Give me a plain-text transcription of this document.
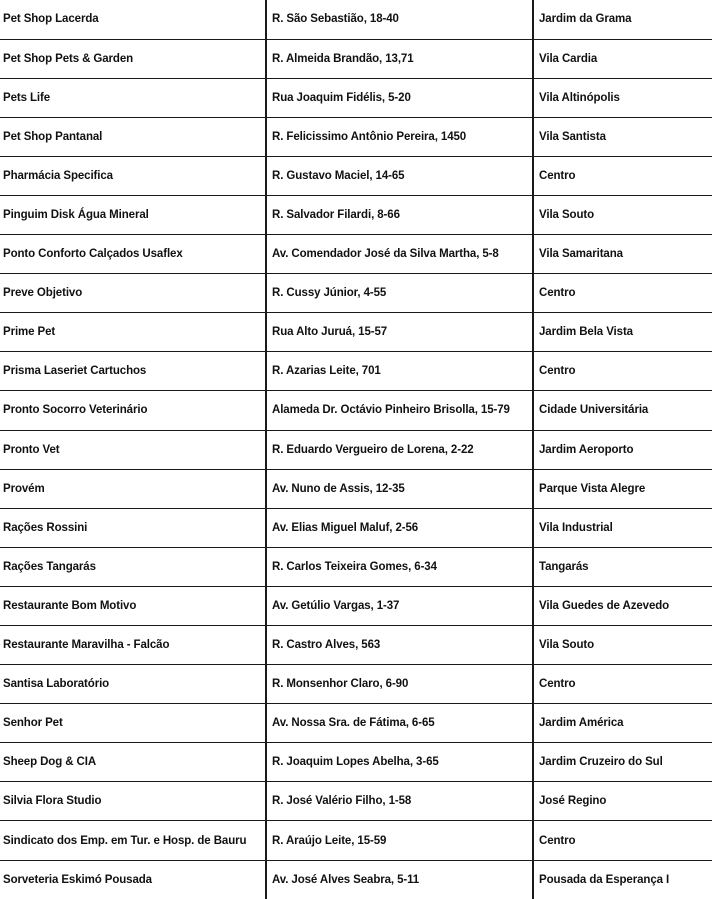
Pet Shop Lacerda	R. São Sebastião, 18-40	Jardim da Grama
Pet Shop Pets & Garden	R. Almeida Brandão, 13,71	Vila Cardia
Pets Life	Rua Joaquim Fidélis, 5-20	Vila Altinópolis
Pet Shop Pantanal	R. Felicissimo Antônio Pereira, 1450	Vila Santista
Pharmácia Specifica	R. Gustavo Maciel, 14-65	Centro
Pinguim Disk Água Mineral	R. Salvador Filardi, 8-66	Vila Souto
Ponto Conforto Calçados Usaflex	Av. Comendador José da Silva Martha, 5-8	Vila Samaritana
Preve Objetivo	R. Cussy Júnior, 4-55	Centro
Prime Pet	Rua Alto Juruá, 15-57	Jardim Bela Vista
Prisma Laseriet Cartuchos	R. Azarias Leite, 701	Centro
Pronto Socorro Veterinário	Alameda Dr. Octávio Pinheiro Brisolla, 15-79	Cidade Universitária
Pronto Vet	R. Eduardo Vergueiro de Lorena, 2-22	Jardim Aeroporto
Provém	Av. Nuno de Assis, 12-35	Parque Vista Alegre
Rações Rossini	Av. Elias Miguel Maluf, 2-56	Vila Industrial
Rações Tangarás	R. Carlos Teixeira Gomes, 6-34	Tangarás
Restaurante Bom Motivo	Av. Getúlio Vargas, 1-37	Vila Guedes de Azevedo
Restaurante Maravilha - Falcão	R. Castro Alves, 563	Vila Souto
Santisa Laboratório	R. Monsenhor Claro, 6-90	Centro
Senhor Pet	Av. Nossa Sra. de Fátima, 6-65	Jardim América
Sheep Dog & CIA	R. Joaquim Lopes Abelha, 3-65	Jardim Cruzeiro do Sul
Silvia Flora Studio	R. José Valério Filho, 1-58	José Regino
Sindicato dos Emp. em Tur. e Hosp. de Bauru	R. Araújo Leite, 15-59	Centro
Sorveteria Eskimó Pousada	Av. José Alves Seabra, 5-11	Pousada da Esperança I
